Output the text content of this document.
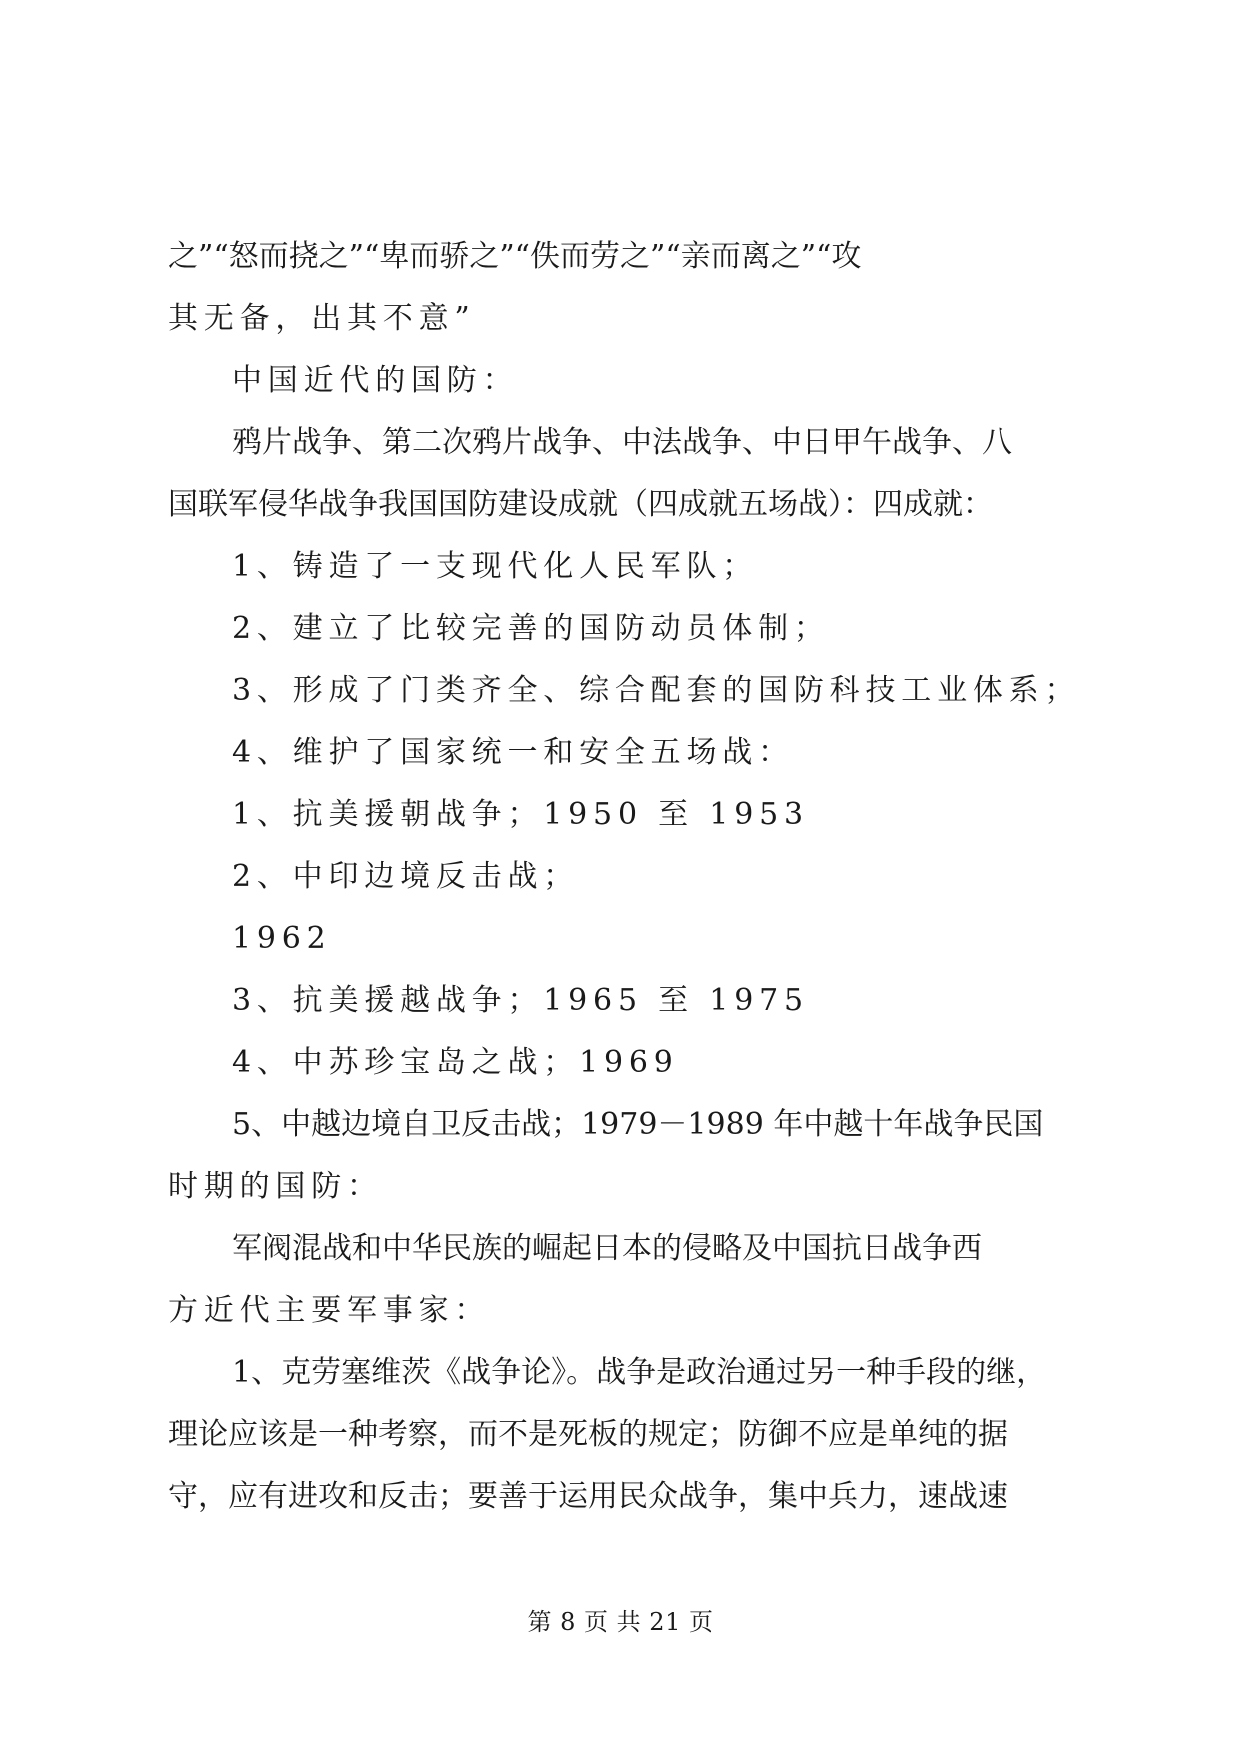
之”“怒而挠之”“卑而骄之”“佚而劳之”“亲而离之”“攻
其无备，出其不意”
中国近代的国防：
鸦片战争、第二次鸦片战争、中法战争、中日甲午战争、八
国联军侵华战争我国国防建设成就（四成就五场战）：四成就：
1、铸造了一支现代化人民军队；
2、建立了比较完善的国防动员体制；
3、形成了门类齐全、综合配套的国防科技工业体系；
4、维护了国家统一和安全五场战：
1、抗美援朝战争；1950 至 1953
2、中印边境反击战；
1962
3、抗美援越战争；1965 至 1975
4、中苏珍宝岛之战；1969
5、中越边境自卫反击战；1979－1989 年中越十年战争民国
时期的国防：
军阀混战和中华民族的崛起日本的侵略及中国抗日战争西
方近代主要军事家：
1、克劳塞维茨《战争论》。战争是政治通过另一种手段的继，
理论应该是一种考察，而不是死板的规定；防御不应是单纯的据
守，应有进攻和反击；要善于运用民众战争，集中兵力，速战速
第 8 页 共 21 页
